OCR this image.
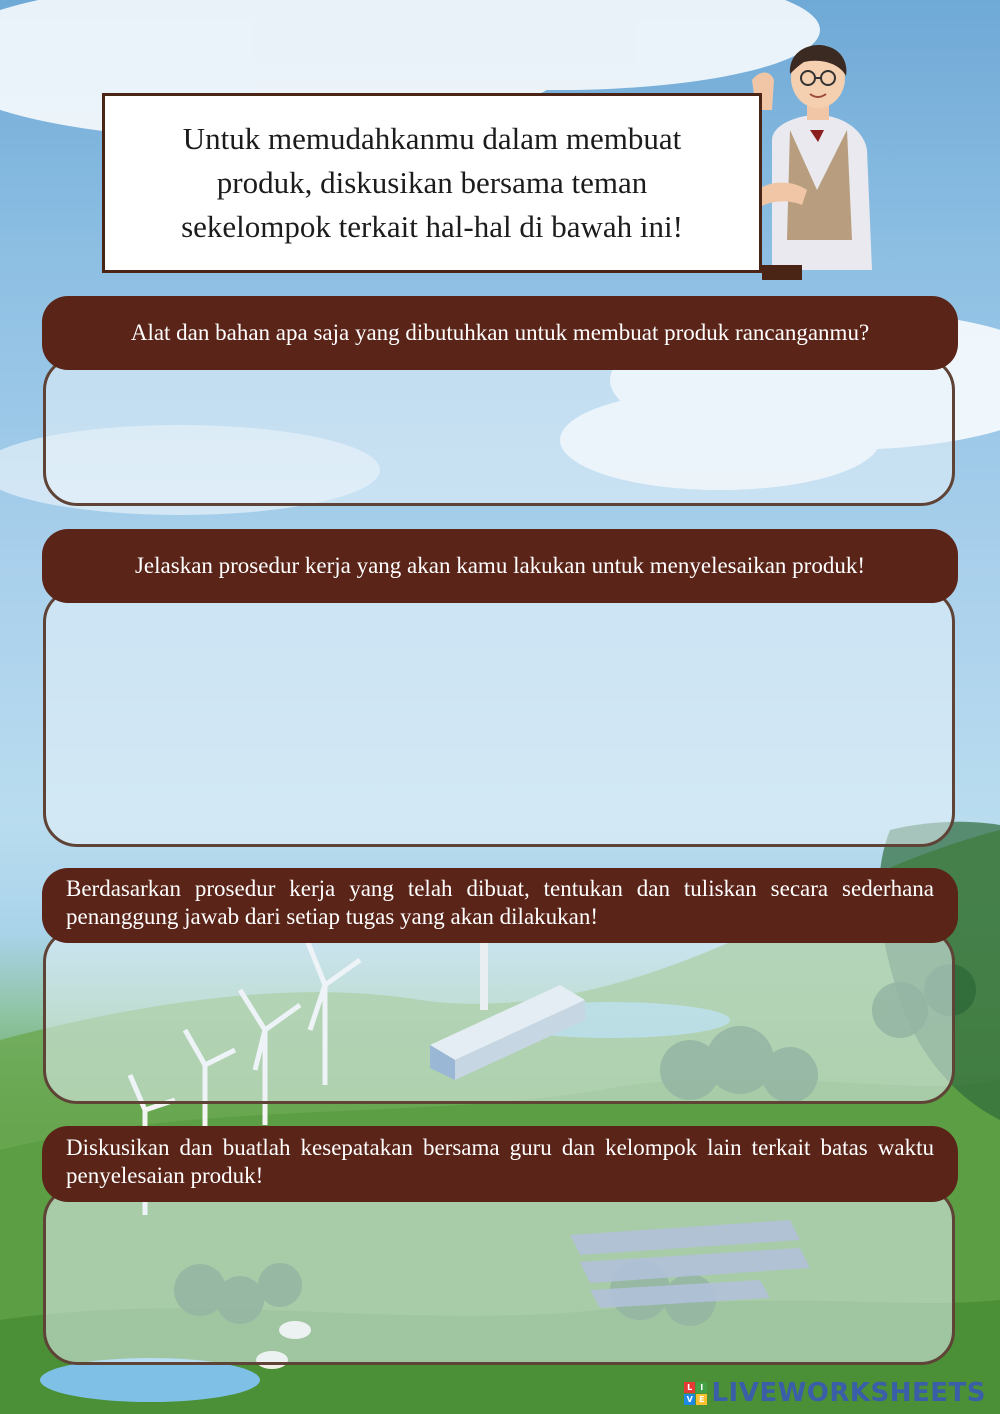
Untuk memudahkanmu dalam membuat
produk, diskusikan bersama teman
sekelompok terkait hal-hal di bawah ini!
Alat dan bahan apa saja yang dibutuhkan untuk membuat produk rancanganmu?
Jelaskan prosedur kerja yang akan kamu lakukan untuk menyelesaikan produk!
Berdasarkan prosedur kerja yang telah dibuat, tentukan dan tuliskan secara sederhana penanggung jawab dari setiap tugas yang akan dilakukan!
Diskusikan dan buatlah kesepatakan bersama guru dan kelompok lain terkait batas waktu penyelesaian produk!
L I
V E LIVEWORKSHEETS
